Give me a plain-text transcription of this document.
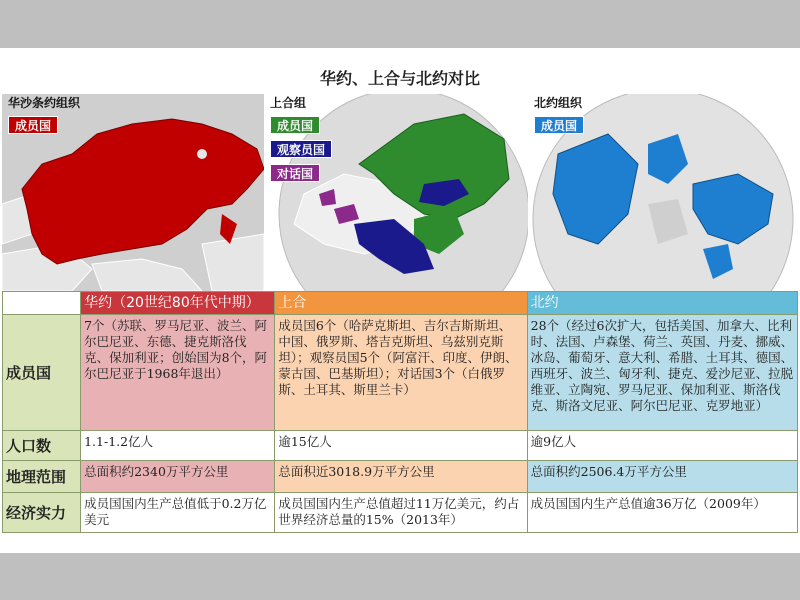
华约、上合与北约对比
华沙条约组织
成员国
上合组
成员国
观察员国
对话国
北约组织
成员国
	华约（20世纪80年代中期）	上合	北约
成员国	7个（苏联、罗马尼亚、波兰、阿尔巴尼亚、东德、捷克斯洛伐克、保加利亚；创始国为8个，阿尔巴尼亚于1968年退出）	成员国6个（哈萨克斯坦、吉尔吉斯斯坦、中国、俄罗斯、塔吉克斯坦、乌兹别克斯坦）；观察员国5个（阿富汗、印度、伊朗、蒙古国、巴基斯坦）；对话国3个（白俄罗斯、土耳其、斯里兰卡）	28个（经过6次扩大，包括美国、加拿大、比利时、法国、卢森堡、荷兰、英国、丹麦、挪威、冰岛、葡萄牙、意大利、希腊、土耳其、德国、西班牙、波兰、匈牙利、捷克、爱沙尼亚、拉脱维亚、立陶宛、罗马尼亚、保加利亚、斯洛伐克、斯洛文尼亚、阿尔巴尼亚、克罗地亚）
人口数	1.1-1.2亿人	逾15亿人	逾9亿人
地理范围	总面积约2340万平方公里	总面积近3018.9万平方公里	总面积约2506.4万平方公里
经济实力	成员国国内生产总值低于0.2万亿美元	成员国国内生产总值超过11万亿美元，约占世界经济总量的15%（2013年）	成员国国内生产总值逾36万亿（2009年）
加西网 westca.com 新闻站 westcahouse 用户微信 westcahouse
